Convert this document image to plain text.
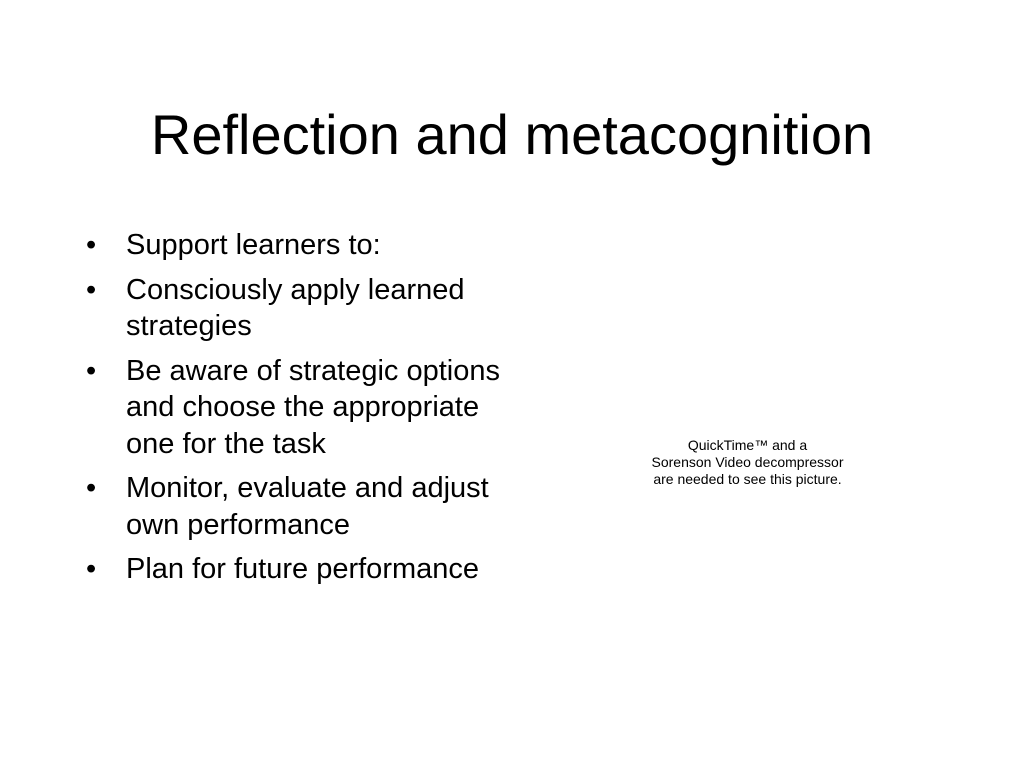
Reflection and metacognition
•	Support learners to:
•	Consciously apply learned strategies
•	Be aware of strategic options and choose the appropriate one for the task
•	Monitor, evaluate and adjust own performance
•	Plan for future performance
QuickTime™ and a
Sorenson Video decompressor
are needed to see this picture.
